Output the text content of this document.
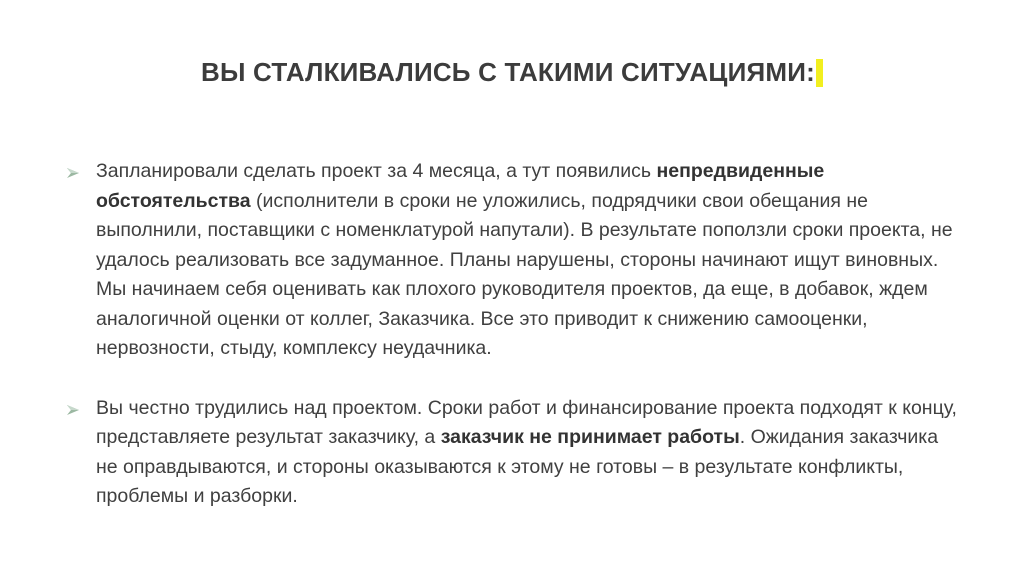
ВЫ СТАЛКИВАЛИСЬ С ТАКИМИ СИТУАЦИЯМИ:
Запланировали сделать проект за 4 месяца, а тут появились непредвиденные обстоятельства (исполнители в сроки не уложились, подрядчики свои обещания не выполнили, поставщики с номенклатурой напутали). В результате поползли сроки проекта, не удалось реализовать все задуманное. Планы нарушены, стороны начинают ищут виновных. Мы начинаем себя оценивать как плохого руководителя проектов, да еще, в добавок, ждем аналогичной оценки от коллег, Заказчика. Все это приводит к снижению самооценки, нервозности, стыду, комплексу неудачника.
Вы честно трудились над проектом. Сроки работ и финансирование проекта подходят к концу, представляете результат заказчику, а заказчик не принимает работы. Ожидания заказчика не оправдываются, и стороны оказываются к этому не готовы – в результате конфликты, проблемы и разборки.
